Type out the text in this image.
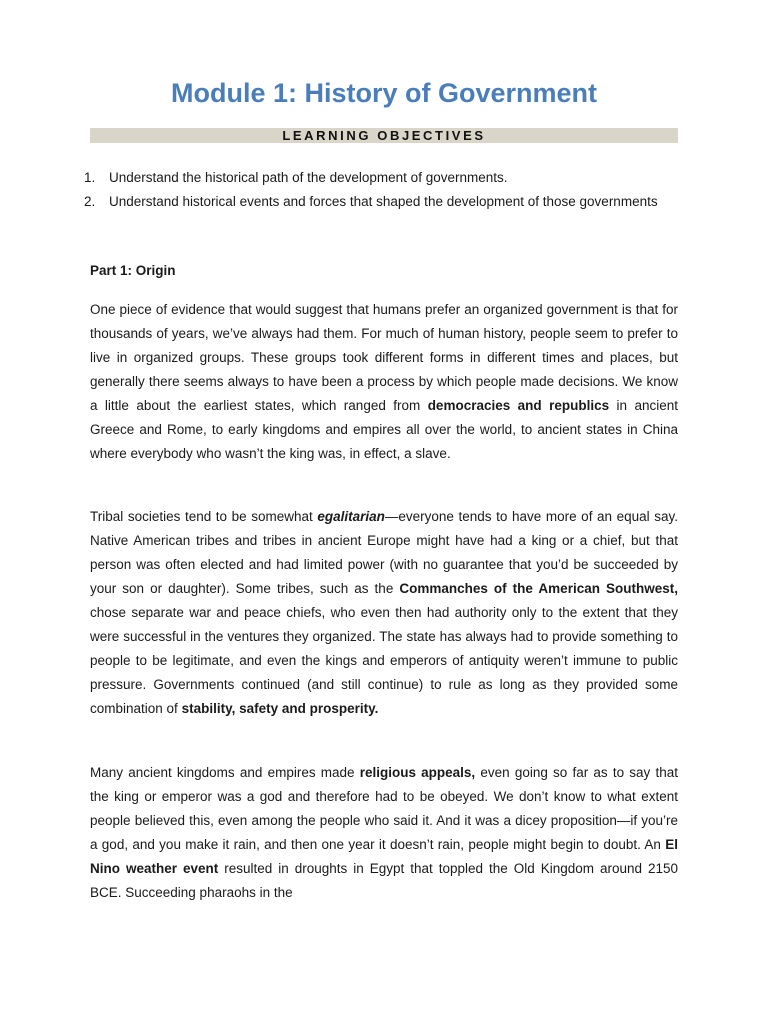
Module 1: History of Government
LEARNING OBJECTIVES
1. Understand the historical path of the development of governments.
2. Understand historical events and forces that shaped the development of those governments
Part 1: Origin

One piece of evidence that would suggest that humans prefer an organized government is that for thousands of years, we’ve always had them. For much of human history, people seem to prefer to live in organized groups. These groups took different forms in different times and places, but generally there seems always to have been a process by which people made decisions. We know a little about the earliest states, which ranged from democracies and republics in ancient Greece and Rome, to early kingdoms and empires all over the world, to ancient states in China where everybody who wasn’t the king was, in effect, a slave.

Tribal societies tend to be somewhat egalitarian—everyone tends to have more of an equal say. Native American tribes and tribes in ancient Europe might have had a king or a chief, but that person was often elected and had limited power (with no guarantee that you’d be succeeded by your son or daughter). Some tribes, such as the Commanches of the American Southwest, chose separate war and peace chiefs, who even then had authority only to the extent that they were successful in the ventures they organized. The state has always had to provide something to people to be legitimate, and even the kings and emperors of antiquity weren’t immune to public pressure. Governments continued (and still continue) to rule as long as they provided some combination of stability, safety and prosperity.

Many ancient kingdoms and empires made religious appeals, even going so far as to say that the king or emperor was a god and therefore had to be obeyed. We don’t know to what extent people believed this, even among the people who said it. And it was a dicey proposition—if you’re a god, and you make it rain, and then one year it doesn’t rain, people might begin to doubt. An El Nino weather event resulted in droughts in Egypt that toppled the Old Kingdom around 2150 BCE. Succeeding pharaohs in the
